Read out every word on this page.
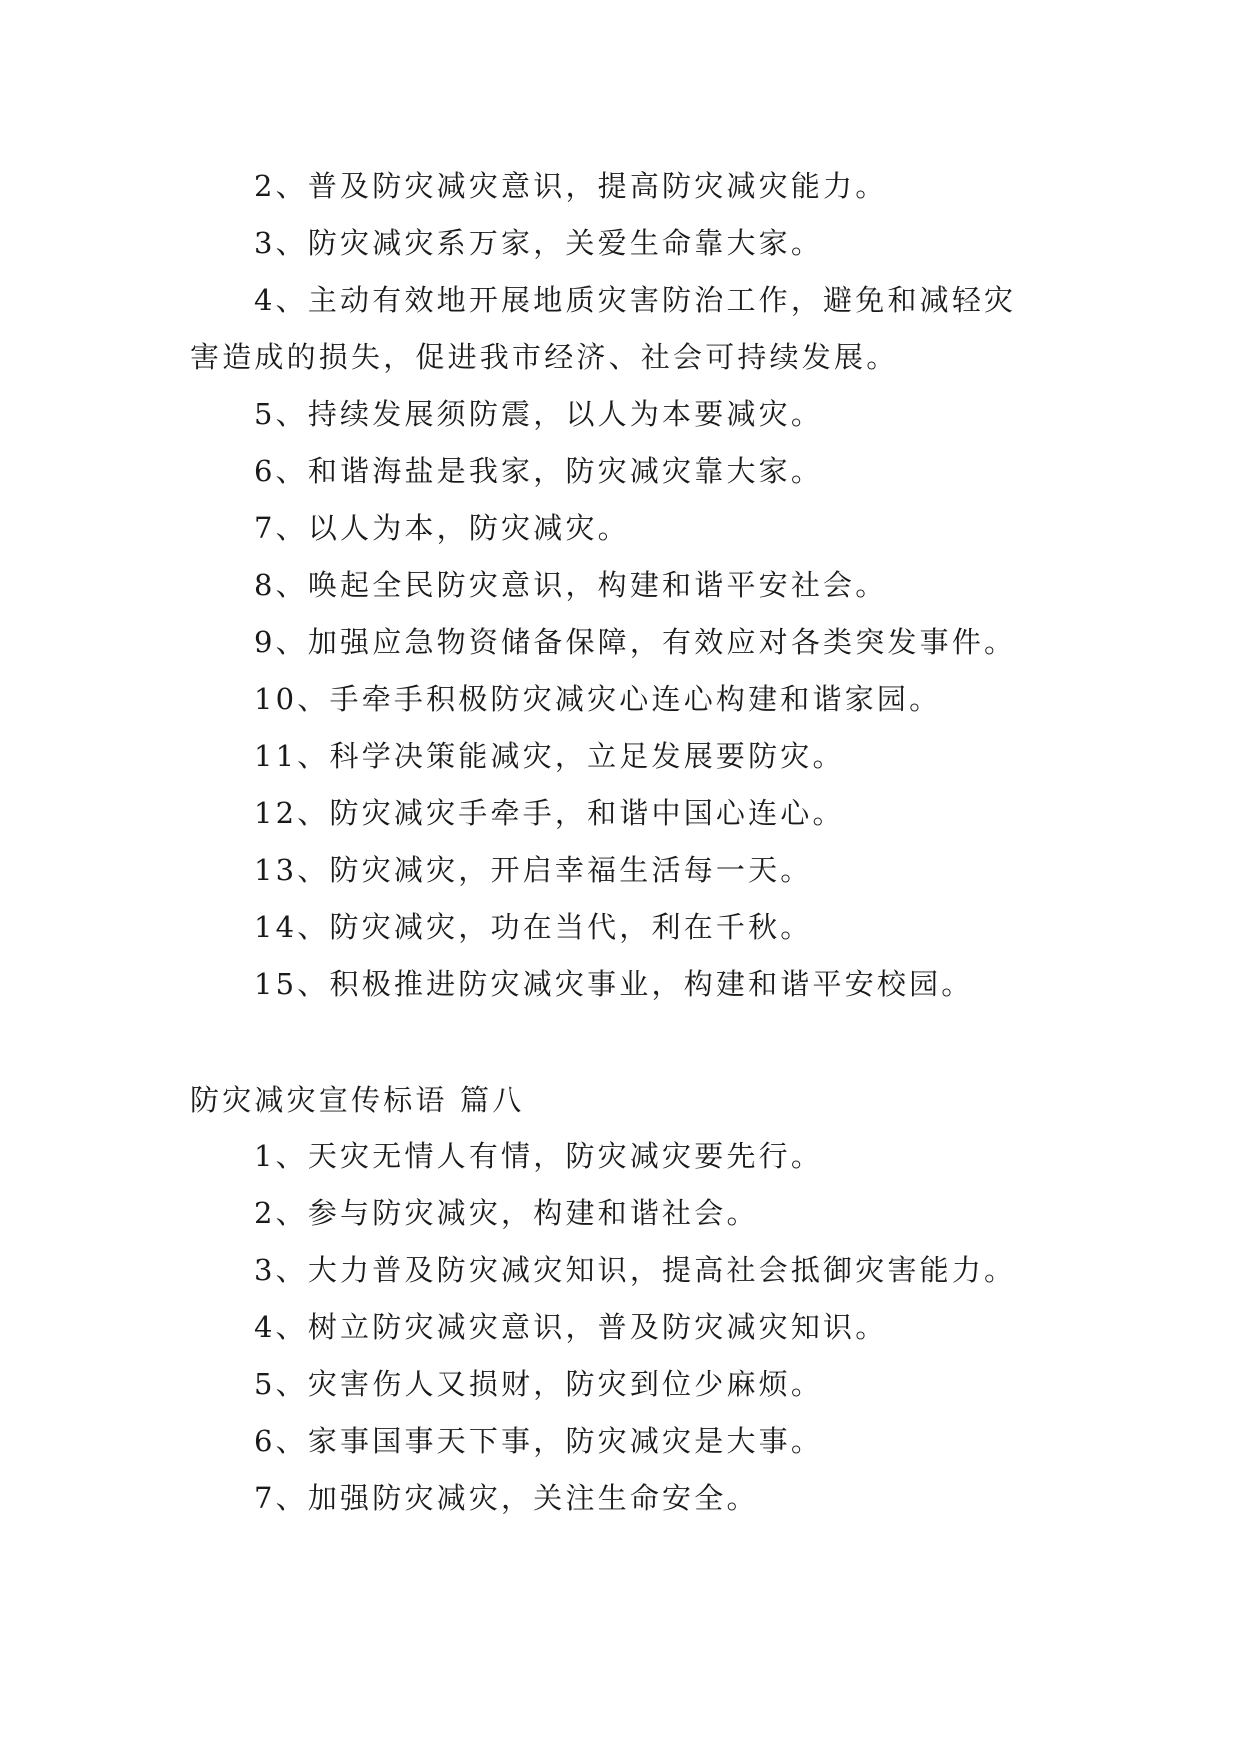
2、普及防灾减灾意识，提高防灾减灾能力。
3、防灾减灾系万家，关爱生命靠大家。
4、主动有效地开展地质灾害防治工作，避免和减轻灾
害造成的损失，促进我市经济、社会可持续发展。
5、持续发展须防震，以人为本要减灾。
6、和谐海盐是我家，防灾减灾靠大家。
7、以人为本，防灾减灾。
8、唤起全民防灾意识，构建和谐平安社会。
9、加强应急物资储备保障，有效应对各类突发事件。
10、手牵手积极防灾减灾心连心构建和谐家园。
11、科学决策能减灾，立足发展要防灾。
12、防灾减灾手牵手，和谐中国心连心。
13、防灾减灾，开启幸福生活每一天。
14、防灾减灾，功在当代，利在千秋。
15、积极推进防灾减灾事业，构建和谐平安校园。
防灾减灾宣传标语 篇八
1、天灾无情人有情，防灾减灾要先行。
2、参与防灾减灾，构建和谐社会。
3、大力普及防灾减灾知识，提高社会抵御灾害能力。
4、树立防灾减灾意识，普及防灾减灾知识。
5、灾害伤人又损财，防灾到位少麻烦。
6、家事国事天下事，防灾减灾是大事。
7、加强防灾减灾，关注生命安全。
